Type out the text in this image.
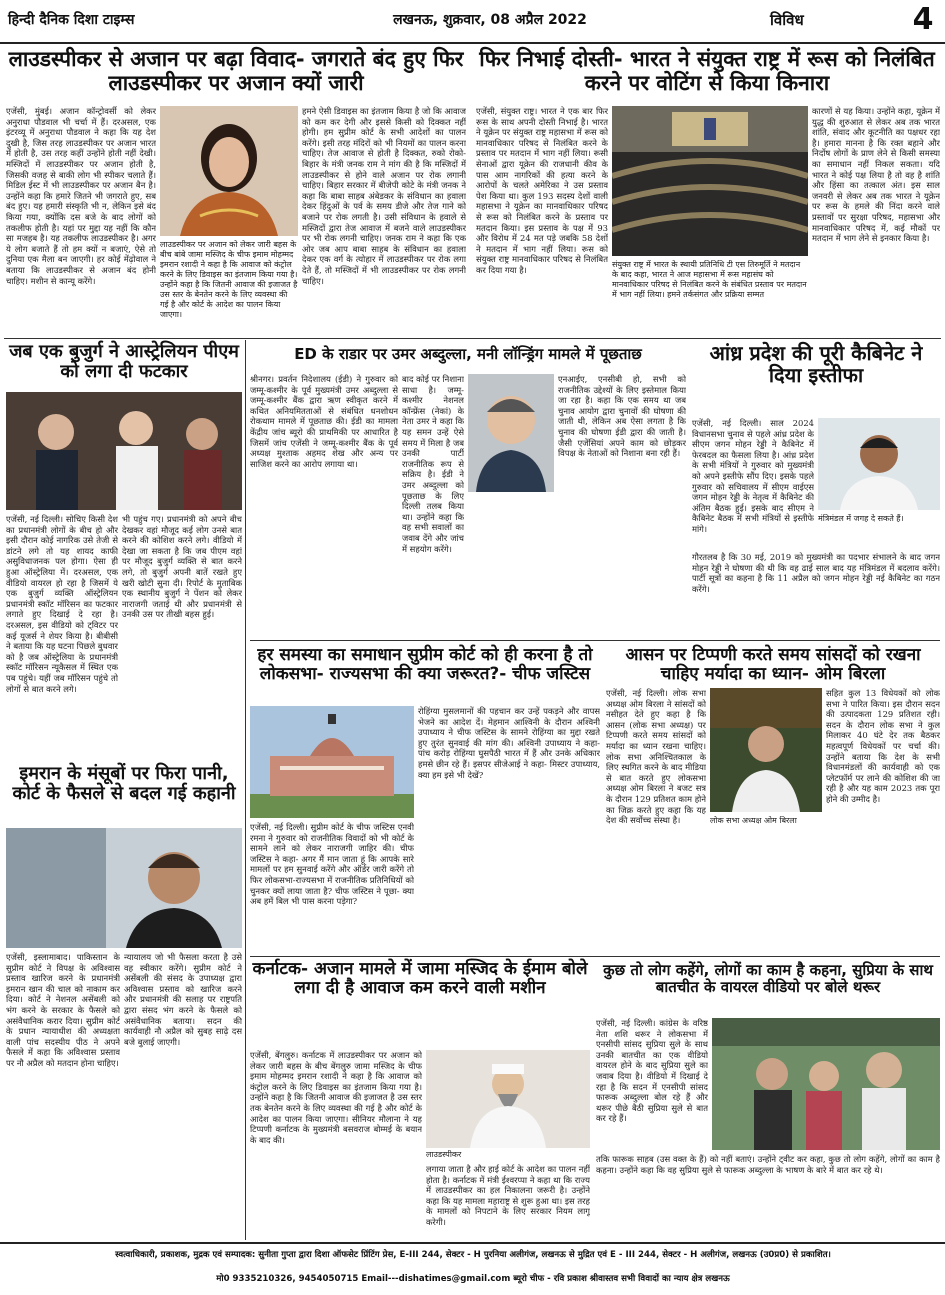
हिन्दी दैनिक दिशा टाइम्स	लखनऊ, शुक्रवार, 08 अप्रैल 2022	विविध	4
लाउडस्पीकर से अजान पर बढ़ा विवाद- जगराते बंद हुए फिर लाउडस्पीकर पर अजान क्यों जारी
एजेंसी, मुंबई। अजान कॉन्ट्रोवर्सी को लेकर अनुराधा पौडवाल भी चर्चा में हैं। दरअसल, एक इंटरव्यू में अनुराधा पौडवाल ने कहा कि यह देश दुखी है, जिस तरह लाउडस्पीकर पर अजान भारत में होती है, उस तरह कहीं उन्होंने होती नहीं देखी। मस्जिदों में लाउडस्पीकर पर अजान होती है, जिसकी वजह से बाकी लोग भी स्पीकर चलाते हैं। मिडिल ईस्ट में भी लाउडस्पीकर पर अजान बैन है। उन्होंने कहा कि हमारे जितने भी जगराते हुए, सब बंद हुए। यह हमारी संस्कृति भी न, लेकिन इसे बंद किया गया, क्योंकि दस बजे के बाद लोगों को तकलीफ होती है। यहां पर मुद्दा यह नहीं कि कौन सा मजहब है। यह तकलीफ लाउडस्पीकर है। अगर ये लोग बजाते हैं तो हम क्यों न बजाएं, ऐसे तो दुनिया एक मैला बन जाएगी। हर कोई मेंढ़ोवाल ने बताया कि लाउडस्पीकर से अजान बंद होनी चाहिए। मशीन से कान्यू करेंगे।
लाउडस्पीकर पर अजान को लेकर जारी बहस के बीच बांबे जामा मस्जिद के चीफ इमाम मोहम्मद इमरान रशादी ने कहा है कि आवाज को कंट्रोल करने के लिए डिवाइस का इंतजाम किया गया है। उन्होंने कहा है कि जितनी आवाज की इजाजत है उस स्तर के बेनतेन करने के लिए व्यवस्था की गई है और कोर्ट के आदेश का पालन किया जाएगा।
हमने ऐसी डिवाइस का इंतजाम किया है जो कि आवाज को कम कर देगी और इससे किसी को दिक्कत नहीं होगी। हम सुप्रीम कोर्ट के सभी आदेशों का पालन करेंगे। इसी तरह मंदिरों को भी नियमों का पालन करना चाहिए। तेज आवाज से होती है दिक्कत, रुको रोको- बिहार के मंत्री जनक राम ने मांग की है कि मस्जिदों में लाउडस्पीकर से होने वाले अजान पर रोक लगानी चाहिए। बिहार सरकार में बीजेपी कोटे के मंत्री जनक ने कहा कि बाबा साहब अंबेडकर के संविधान का हवाला देकर हिंदुओं के पर्व के समय डीजे और तेज गाने को बजाने पर रोक लगती है। उसी संविधान के हवाले से मस्जिदों द्वारा तेज आवाज में बजने वाले लाउडस्पीकर पर भी रोक लगनी चाहिए। जनक राम ने कहा कि एक ओर जब आप बाबा साहब के संविधान का हवाला देकर एक वर्ग के त्योहार में लाउडस्पीकर पर रोक लगा देते हैं, तो मस्जिदों में भी लाउडस्पीकर पर रोक लगनी चाहिए।
फिर निभाई दोस्ती- भारत ने संयुक्त राष्ट्र में रूस को निलंबित करने पर वोटिंग से किया किनारा
एजेंसी, संयुक्त राष्ट्र। भारत ने एक बार फिर रूस के साथ अपनी दोस्ती निभाई है। भारत ने यूक्रेन पर संयुक्त राष्ट्र महासभा में रूस को मानवाधिकार परिषद से निलंबित करने के प्रस्ताव पर मतदान में भाग नहीं लिया। रूसी सेनाओं द्वारा यूक्रेन की राजधानी कीव के पास आम नागरिकों की हत्या करने के आरोपों के चलते अमेरिका ने उस प्रस्ताव पेश किया था। कुल 193 सदस्य देशों वाली महासभा ने यूक्रेन का मानवाधिकार परिषद से रूस को निलंबित करने के प्रस्ताव पर मतदान किया। इस प्रस्ताव के पक्ष में 93 और विरोध में 24 मत पड़े जबकि 58 देशों ने मतदान में भाग नहीं लिया। रूस को संयुक्त राष्ट्र मानवाधिकार परिषद से निलंबित कर दिया गया है।
संयुक्त राष्ट्र में भारत के स्थायी प्रतिनिधि टी एस तिरुमूर्ति ने मतदान के बाद कहा, भारत ने आज महासभा में रूस महासंघ को मानवाधिकार परिषद से निलंबित करने के संबंधित प्रस्ताव पर मतदान में भाग नहीं लिया। हमने तर्कसंगत और प्रक्रिया सम्मत
कारणों से यह किया। उन्होंने कहा, यूक्रेन में युद्ध की शुरुआत से लेकर अब तक भारत शांति, संवाद और कूटनीति का पक्षधर रहा है। हमारा मानना है कि रक्त बहाने और निर्दोष लोगों के प्राण लेने से किसी समस्या का समाधान नहीं निकल सकता। यदि भारत ने कोई पक्ष लिया है तो वह है शांति और हिंसा का तत्काल अंत। इस साल जनवरी से लेकर अब तक भारत ने यूक्रेन पर रूस के हमले की निंदा करने वाले प्रस्तावों पर सुरक्षा परिषद, महासभा और मानवाधिकार परिषद में, कई मौकों पर मतदान में भाग लेने से इनकार किया है।
जब एक बुजुर्ग ने आस्ट्रेलियन पीएम को लगा दी फटकार
एजेंसी, नई दिल्ली। सोचिए किसी देश का प्रधानमंत्री लोगों के बीच हो और इसी दौरान कोई नागरिक उसे तेजी से डांटने लगे तो यह शायद काफी असुविधाजनक पल होगा। ऐसा ही हुआ ऑस्ट्रेलिया में। दरअसल, एक वीडियो वायरल हो रहा है जिसमें ये एक बुजुर्ग व्यक्ति ऑस्ट्रेलियन प्रधानमंत्री स्कॉट मॉरिसन का फटकार लगाते हुए दिखाई दे रहा है। दरअसल, इस वीडियो को ट्विटर पर कई यूजर्स ने शेयर किया है। बीबीसी ने बताया कि यह घटना पिछले बुधवार को है जब ऑस्ट्रेलिया के प्रधानमंत्री स्कॉट मॉरिसन न्यूकैसल में स्थित एक पब पहुंचे। यहीं जब मॉरिसन पहुंचे तो लोगों से बात करने लगे।
भी पहुंच गए। प्रधानमंत्री को अपने बीच देखकर वहां मौजूद कई लोग उनसे बात करने की कोशिश करने लगे। वीडियो में देखा जा सकता है कि जब पीएम वहां पर मौजूद बुजुर्ग व्यक्ति से बात करने लगे, तो बुजुर्ग अपनी बातें रखते हुए खरी खोटी सुना दी। रिपोर्ट के मुताबिक एक स्थानीय बुजुर्ग ने पेंशन को लेकर नाराजगी जताई थी और प्रधानमंत्री से उनकी उस पर तीखी बहस हुई।
इमरान के मंसूबों पर फिरा पानी, कोर्ट के फैसले से बदल गई कहानी
एजेंसी, इस्लामाबाद। पाकिस्तान के सुप्रीम कोर्ट ने विपक्ष के अविश्वास प्रस्ताव खारिज करने के प्रधानमंत्री इमरान खान की चाल को नाकाम कर दिया। कोर्ट ने नेशनल असेंबली को भंग करने के सरकार के फैसले को असंवैधानिक करार दिया। सुप्रीम कोर्ट के प्रधान न्यायाधीश की अध्यक्षता वाली पांच सदस्यीय पीठ ने अपने फैसले में कहा कि अविश्वास प्रस्ताव पर नौ अप्रैल को मतदान होना चाहिए।
न्यायालय जो भी फैसला करता है उसे वह स्वीकार करेंगे। सुप्रीम कोर्ट ने असेंबली की संसद के उपाध्यक्ष द्वारा अविश्वास प्रस्ताव को खारिज करने और प्रधानमंत्री की सलाह पर राष्ट्रपति द्वारा संसद भंग करने के फैसले को असंवैधानिक बताया। सदन की कार्यवाही नौ अप्रैल को सुबह साढ़े दस बजे बुलाई जाएगी।
ED के राडार पर उमर अब्दुल्ला, मनी लॉन्ड्रिंग मामले में पूछताछ
श्रीनगर। प्रवर्तन निदेशालय (ईडी) ने गुरुवार को जम्मू-कश्मीर के पूर्व मुख्यमंत्री उमर अब्दुल्ला से जम्मू-कश्मीर बैंक द्वारा ऋण स्वीकृत करने में कथित अनियमितताओं से संबंधित धनशोधन रोकथाम मामले में पूछताछ की। ईडी का मामला केंद्रीय जांच ब्यूरो की प्राथमिकी पर आधारित है जिसमें जांच एजेंसी ने जम्मू-कश्मीर बैंक के पूर्व अध्यक्ष मुश्ताक अहमद शेख और अन्य पर साजिश करने का आरोप लगाया था।
बाद कोई पर निशाना साधा है। जम्मू-कश्मीर नेशनल कॉन्फ्रेंस (नेकां) के नेता उमर ने कहा कि यह समन उन्हें ऐसे समय में मिला है जब उनकी पार्टी राजनीतिक रूप से सक्रिय है। ईडी ने उमर अब्दुल्ला को पूछताछ के लिए दिल्ली तलब किया था। उन्होंने कहा कि वह सभी सवालों का जवाब देंगे और जांच में सहयोग करेंगे।
एनआईए, एनसीबी हो, सभी को राजनीतिक उद्देश्यों के लिए इस्तेमाल किया जा रहा है। कहा कि एक समय था जब चुनाव आयोग द्वारा चुनावों की घोषणा की जाती थी, लेकिन अब ऐसा लगता है कि चुनाव की घोषणा ईडी द्वारा की जाती है। जैसी एजेंसियां अपने काम को छोड़कर विपक्ष के नेताओं को निशाना बना रही हैं।
आंध्र प्रदेश की पूरी कैबिनेट ने दिया इस्तीफा
एजेंसी, नई दिल्ली। साल 2024 विधानसभा चुनाव से पहले आंध्र प्रदेश के सीएम जगन मोहन रेड्डी ने कैबिनेट में फेरबदल का फैसला लिया है। आंध्र प्रदेश के सभी मंत्रियों ने गुरुवार को मुख्यमंत्री को अपने इस्तीफे सौंप दिए। इसके पहले गुरुवार को सचिवालय में सीएम वाईएस जगन मोहन रेड्डी के नेतृत्व में कैबिनेट की अंतिम बैठक हुई। इसके बाद सीएम ने कैबिनेट बैठक में सभी मंत्रियों से इस्तीफे मांगे।
मंत्रिमंडल में जगह दे सकते हैं।
गौरतलब है कि 30 मई, 2019 को मुख्यमंत्री का पदभार संभालने के बाद जगन मोहन रेड्डी ने घोषणा की थी कि वह ढाई साल बाद यह मंत्रिमंडल में बदलाव करेंगे। पार्टी सूत्रों का कहना है कि 11 अप्रैल को जगन मोहन रेड्डी नई कैबिनेट का गठन करेंगे।
हर समस्या का समाधान सुप्रीम कोर्ट को ही करना है तो लोकसभा- राज्यसभा की क्या जरूरत?- चीफ जस्टिस
एजेंसी, नई दिल्ली। सुप्रीम कोर्ट के चीफ जस्टिस एनवी रमना ने गुरुवार को राजनीतिक विवादों को भी कोर्ट के सामने लाने को लेकर नाराजगी जाहिर की। चीफ जस्टिस ने कहा- अगर मैं मान जाता हूं कि आपके सारे मामलों पर हम सुनवाई करेंगे और ऑर्डर जारी करेंगे तो फिर लोकसभा-राज्यसभा में राजनीतिक प्रतिनिधियों को चुनकर क्यों लाया जाता है? चीफ जस्टिस ने पूछा- क्या अब हमें बिल भी पास करना पड़ेगा?
रोहिंग्या मुसलमानों की पहचान कर उन्हें पकड़ने और वापस भेजने का आदेश दें। मेहमान आश्विनी के दौरान अश्विनी उपाध्याय ने चीफ जस्टिस के सामने रोहिंग्या का मुद्दा रखते हुए तुरंत सुनवाई की मांग की। अश्विनी उपाध्याय ने कहा- पांच करोड़ रोहिंग्या घुसपैठी भारत में हैं और उनके अधिकार हमसे छीन रहे हैं। इसपर सीजेआई ने कहा- मिस्टर उपाध्याय, क्या हम इसे भी देखें?
आसन पर टिप्पणी करते समय सांसदों को रखना चाहिए मर्यादा का ध्यान- ओम बिरला
एजेंसी, नई दिल्ली। लोक सभा अध्यक्ष ओम बिरला ने सांसदों को नसीहत देते हुए कहा है कि आसन (लोक सभा अध्यक्ष) पर टिप्पणी करते समय सांसदों को मर्यादा का ध्यान रखना चाहिए। लोक सभा अनिश्चितकाल के लिए स्थगित करने के बाद मीडिया से बात करते हुए लोकसभा अध्यक्ष ओम बिरला ने बजट सत्र के दौरान 129 प्रतिशत काम होने का जिक्र करते हुए कहा कि यह देश की सर्वोच्च संस्था है।	लोक सभा अध्यक्ष ओम बिरला
सहित कुल 13 विधेयकों को लोक सभा ने पारित किया। इस दौरान सदन की उत्पादकता 129 प्रतिशत रही। सदन के दौरान लोक सभा ने कुल मिलाकर 40 घंटे देर तक बैठकर महत्वपूर्ण विधेयकों पर चर्चा की। उन्होंने बताया कि देश के सभी विधानमंडलों की कार्यवाही को एक प्लेटफॉर्म पर लाने की कोशिश की जा रही है और यह काम 2023 तक पूरा होने की उम्मीद है।
कर्नाटक- अजान मामले में जामा मस्जिद के ईमाम बोले लगा दी है आवाज कम करने वाली मशीन
एजेंसी, बेंगलुरु। कर्नाटक में लाउडस्पीकर पर अजान को लेकर जारी बहस के बीच बेंगलुरु जामा मस्जिद के चीफ इमाम मोहम्मद इमरान रशादी ने कहा है कि आवाज को कंट्रोल करने के लिए डिवाइस का इंतजाम किया गया है। उन्होंने कहा है कि जितनी आवाज की इजाजत है उस स्तर तक बेनतेन करने के लिए व्यवस्था की गई है और कोर्ट के आदेश का पालन किया जाएगा। सीनियर मौलाना ने यह टिप्पणी कर्नाटक के मुख्यमंत्री बसवराज बोम्मई के बयान के बाद की।
लाउडस्पीकर
लगाया जाता है और हाई कोर्ट के आदेश का पालन नहीं होता है। कर्नाटक में मंत्री ईश्वरप्पा ने कहा था कि राज्य में लाउडस्पीकर का हल निकालना जरूरी है। उन्होंने कहा कि यह मामला महाराष्ट्र से शुरू हुआ था। इस तरह के मामलों को निपटाने के लिए सरकार नियम लागू करेगी।
कुछ तो लोग कहेंगे, लोगों का काम है कहना, सुप्रिया के साथ बातचीत के वायरल वीडियो पर बोले थरूर
एजेंसी, नई दिल्ली। कांग्रेस के वरिष्ठ नेता शशि थरूर ने लोकसभा में एनसीपी सांसद सुप्रिया सुले के साथ उनकी बातचीत का एक वीडियो वायरल होने के बाद सुप्रिया सुले का जवाब दिया है। वीडियो में दिखाई दे रहा है कि सदन में एनसीपी सांसद फारूक अब्दुल्ला बोल रहे हैं और थरूर पीछे बैठी सुप्रिया सुले से बात कर रहे हैं।
तकि फारूक साहब (उस वक्त के हैं) को नहीं बताएं। उन्होंने ट्वीट कर कहा, कुछ तो लोग कहेंगे, लोगों का काम है कहना। उन्होंने कहा कि वह सुप्रिया सुले से फारूक अब्दुल्ला के भाषण के बारे में बात कर रहे थे।
स्वत्वाधिकारी, प्रकाशक, मुद्रक एवं सम्पादक: सुनीता गुप्ता द्वारा दिशा ऑफसेट प्रिंटिंग प्रेस, E-III 244, सेक्टर - H पुरनिया अलीगंज, लखनऊ से मुद्रित एवं E - III 244, सेक्टर - H अलीगंज, लखनऊ (उ0प्र0) से प्रकाशित।
मो0 9335210326, 9454050715 Email---dishatimes@gmail.com ब्यूरो चीफ - रवि प्रकाश श्रीवास्तव सभी विवादों का न्याय क्षेत्र लखनऊ
